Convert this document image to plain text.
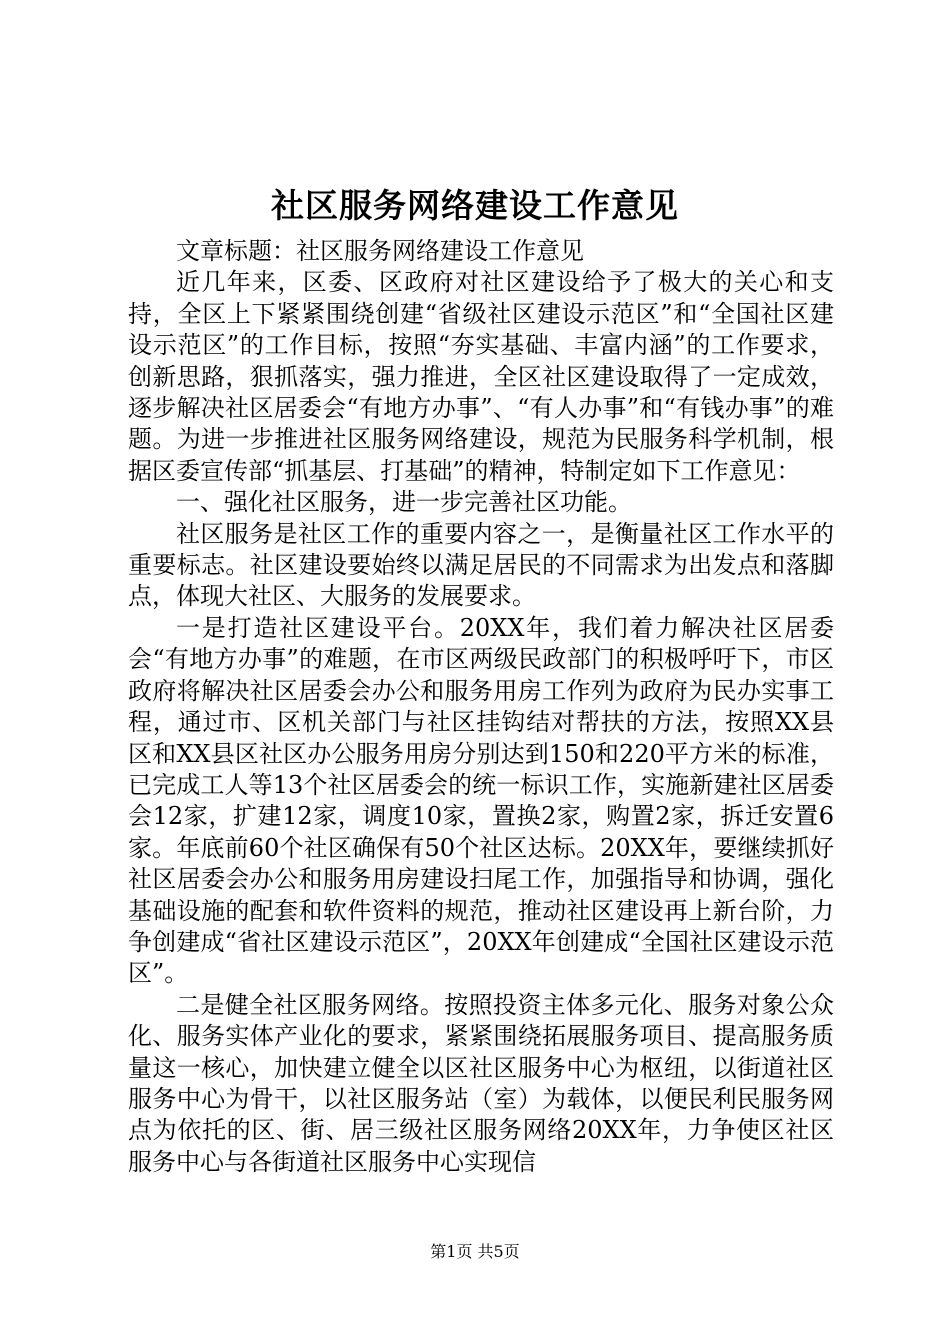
社区服务网络建设工作意见

文章标题：社区服务网络建设工作意见

近几年来，区委、区政府对社区建设给予了极大的关心和支持，全区上下紧紧围绕创建“省级社区建设示范区”和“全国社区建设示范区”的工作目标，按照“夯实基础、丰富内涵”的工作要求，创新思路，狠抓落实，强力推进，全区社区建设取得了一定成效，逐步解决社区居委会“有地方办事”、“有人办事”和“有钱办事”的难题。为进一步推进社区服务网络建设，规范为民服务科学机制，根据区委宣传部“抓基层、打基础”的精神，特制定如下工作意见：

一、强化社区服务，进一步完善社区功能。

社区服务是社区工作的重要内容之一，是衡量社区工作水平的重要标志。社区建设要始终以满足居民的不同需求为出发点和落脚点，体现大社区、大服务的发展要求。

一是打造社区建设平台。20XX年，我们着力解决社区居委会“有地方办事”的难题，在市区两级民政部门的积极呼吁下，市区政府将解决社区居委会办公和服务用房工作列为政府为民办实事工程，通过市、区机关部门与社区挂钩结对帮扶的方法，按照XX县区和XX县区社区办公服务用房分别达到150和220平方米的标准，已完成工人等13个社区居委会的统一标识工作，实施新建社区居委会12家，扩建12家，调度10家，置换2家，购置2家，拆迁安置6家。年底前60个社区确保有50个社区达标。20XX年，要继续抓好社区居委会办公和服务用房建设扫尾工作，加强指导和协调，强化基础设施的配套和软件资料的规范，推动社区建设再上新台阶，力争创建成“省社区建设示范区”，20XX年创建成“全国社区建设示范区”。

二是健全社区服务网络。按照投资主体多元化、服务对象公众化、服务实体产业化的要求，紧紧围绕拓展服务项目、提高服务质量这一核心，加快建立健全以区社区服务中心为枢纽，以街道社区服务中心为骨干，以社区服务站（室）为载体，以便民利民服务网点为依托的区、街、居三级社区服务网络20XX年，力争使区社区服务中心与各街道社区服务中心实现信

第1页 共5页
